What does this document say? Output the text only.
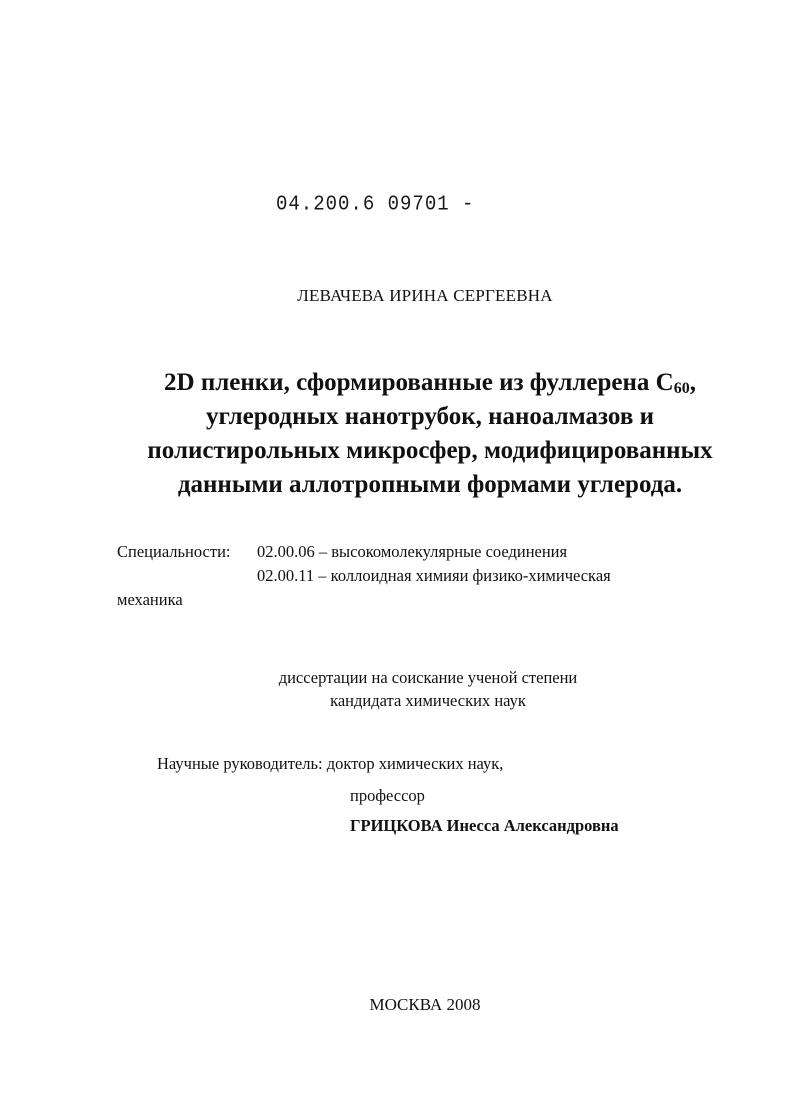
04.200.6 09701 -
ЛЕВАЧЕВА ИРИНА СЕРГЕЕВНА
2D пленки, сформированные из фуллерена $С_{60}$,
углеродных нанотрубок, наноалмазов и
полистирольных микросфер, модифицированных
данными аллотропными формами углерода.
Специальности:	02.00.06 – высокомолекулярные соединения
02.00.11 – коллоидная химияи физико-химическая
механика
диссертации на соискание ученой степени
кандидата химических наук
Научные руководитель: доктор химических наук,
профессор
ГРИЦКОВА Инесса Александровна
МОСКВА 2008
